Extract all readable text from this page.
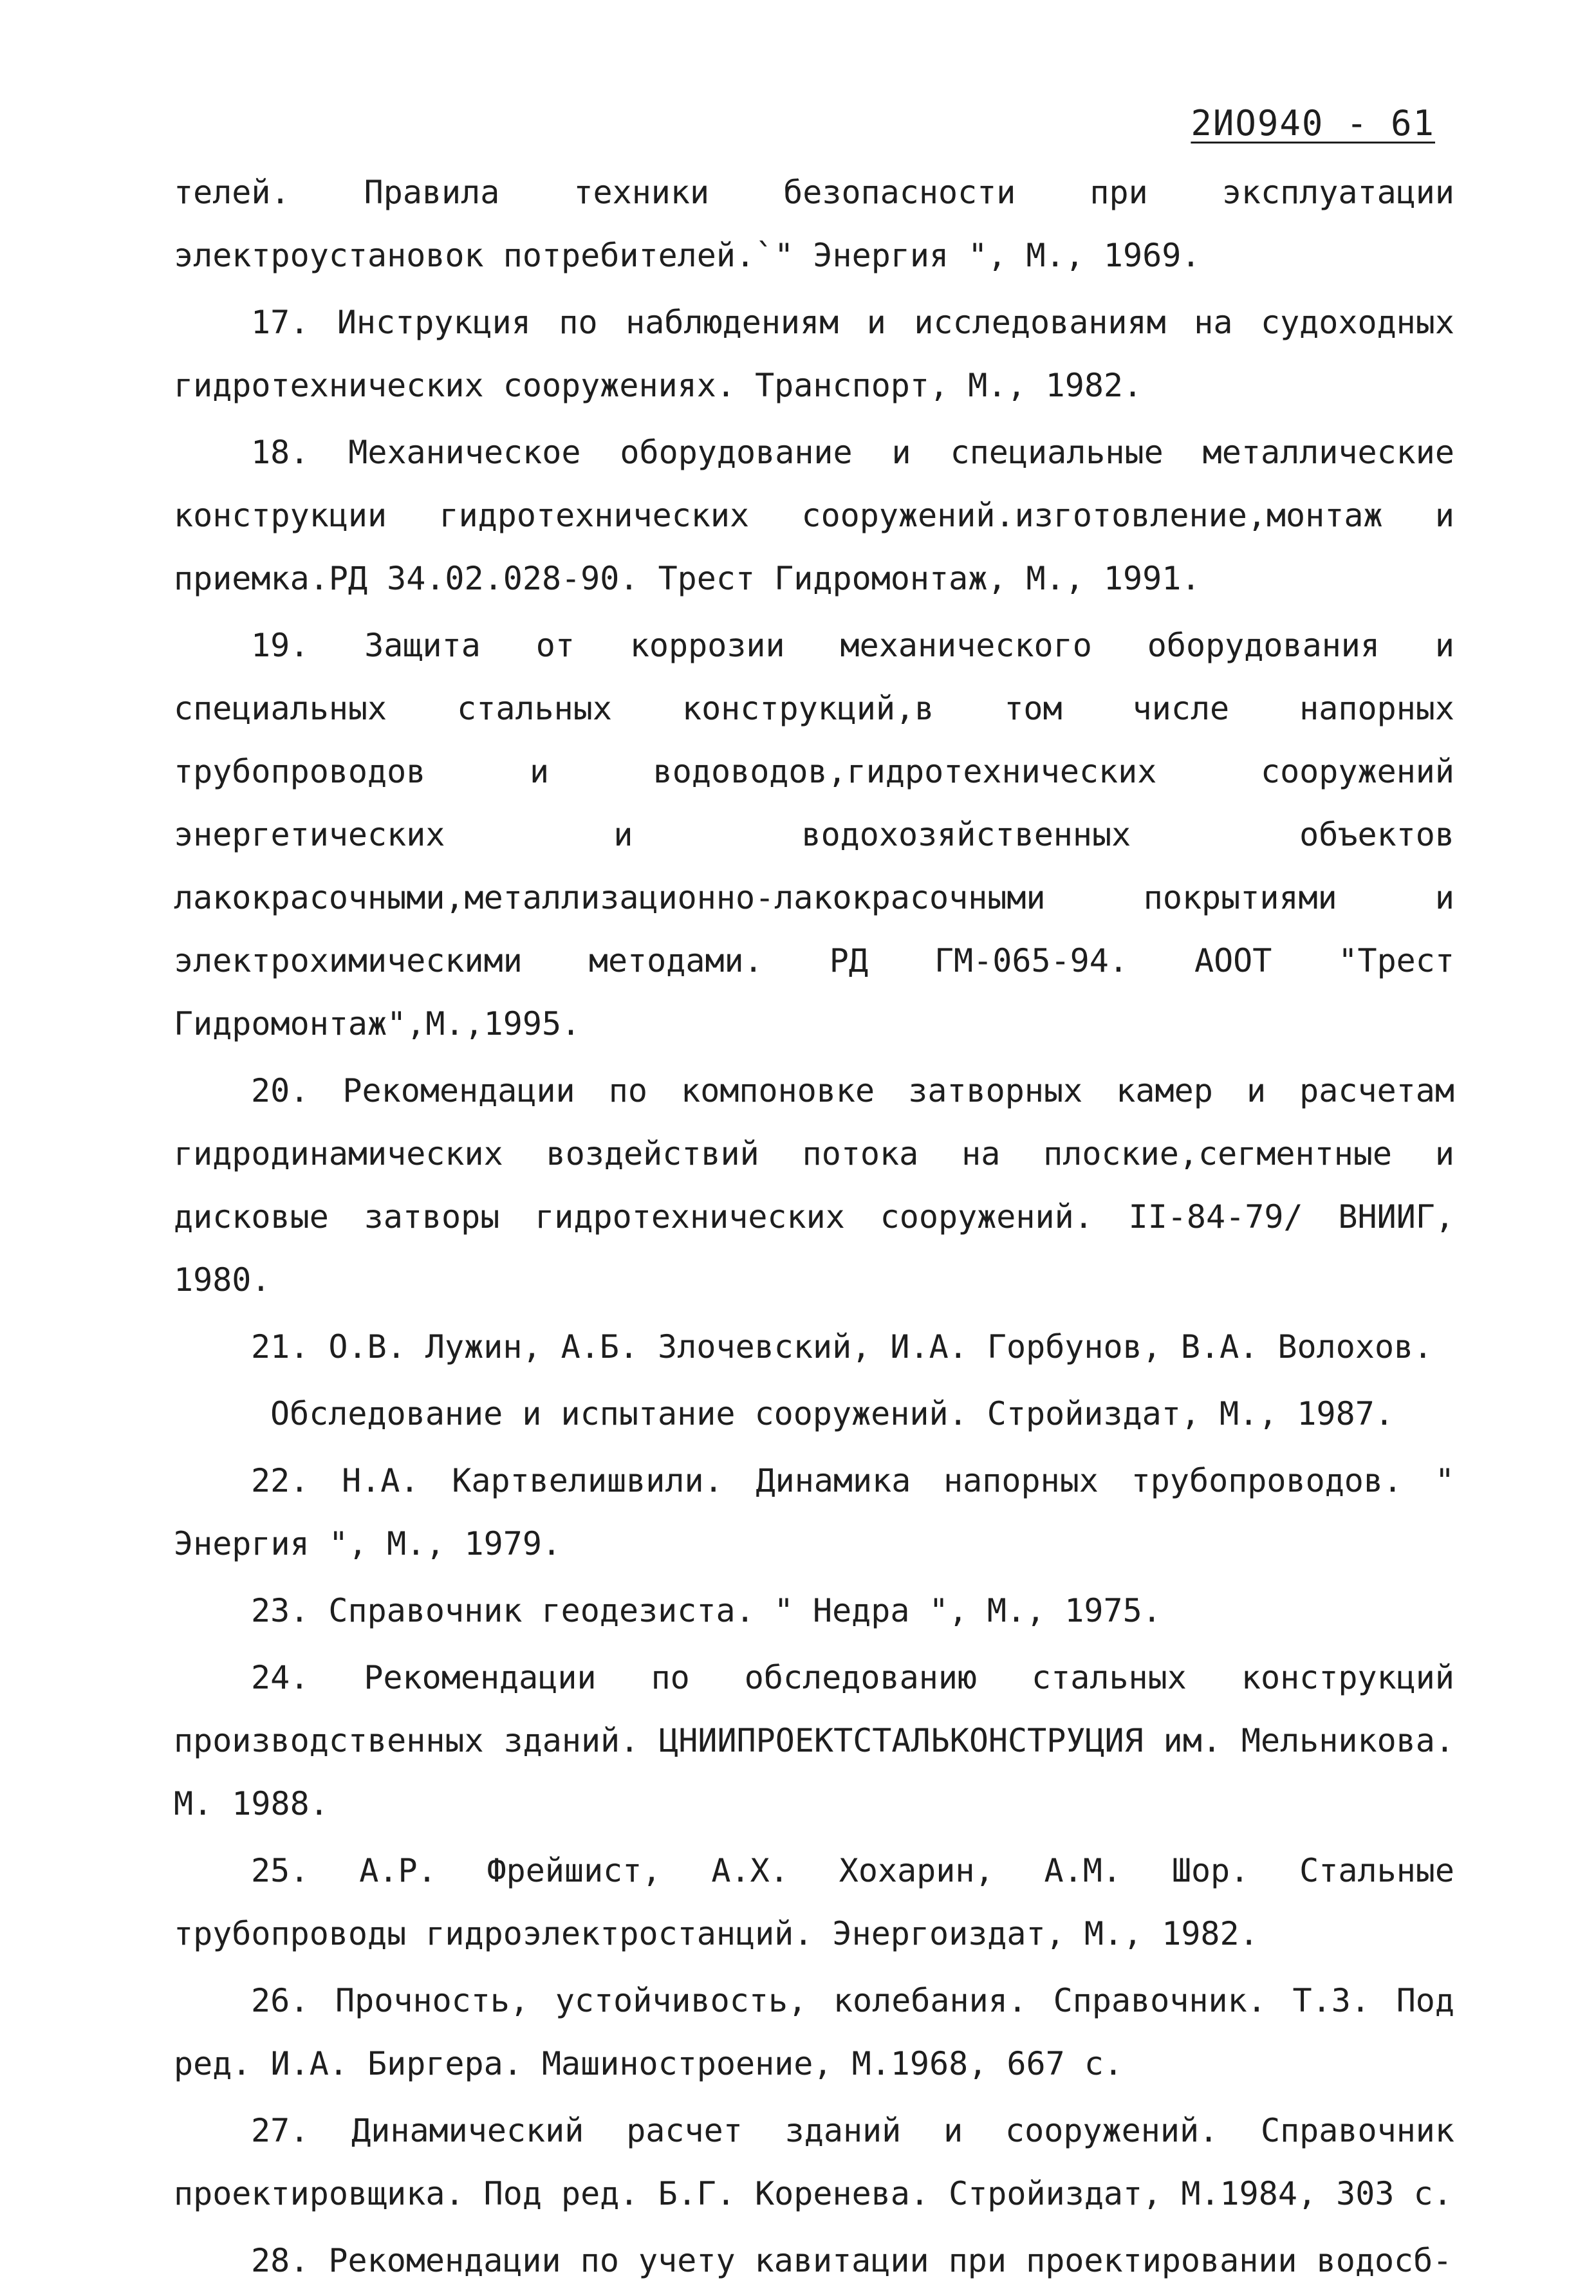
2ИО940 - 61

телей. Правила техники безопасности при эксплуатации электроустановок потребителей.`" Энергия ", М., 1969.

17. Инструкция по наблюдениям и исследованиям на судоходных гидротехнических сооружениях. Транспорт, М., 1982.

18. Механическое оборудование и специальные металлические конструкции гидротехнических сооружений.изготовление,монтаж и приемка.РД 34.02.028-90. Трест Гидромонтаж, М., 1991.

19. Защита от коррозии механического оборудования и специальных стальных конструкций,в том числе напорных трубопроводов и водоводов,гидротехнических сооружений энергетических и водохозяйственных объектов лакокрасочными,металлизационно-лакокрасочными покрытиями и электрохимическими методами. РД ГМ-065-94. АООТ "Трест Гидромонтаж",М.,1995.

20. Рекомендации по компоновке затворных камер и расчетам гидродинамических воздействий потока на плоские,сегментные и дисковые затворы гидротехнических сооружений. II-84-79/ ВНИИГ, 1980.

21. О.В. Лужин, А.Б. Злочевский, И.А. Горбунов, В.А. Волохов.

Обследование и испытание сооружений. Стройиздат, М., 1987.

22. Н.А. Картвелишвили. Динамика напорных трубопроводов. " Энергия ", М., 1979.

23. Справочник геодезиста. " Недра ", М., 1975.

24. Рекомендации по обследованию стальных конструкций производственных зданий. ЦНИИПРОЕКТСТАЛЬКОНСТРУЦИЯ им. Мельникова. М. 1988.

25. А.Р. Фрейшист, А.Х. Хохарин, А.М. Шор. Стальные трубопроводы гидроэлектростанций. Энергоиздат, М., 1982.

26. Прочность, устойчивость, колебания. Справочник. Т.3. Под ред. И.А. Биргера. Машиностроение, М.1968, 667 с.

27. Динамический расчет зданий и сооружений. Справочник проектировщика. Под ред. Б.Г. Коренева. Стройиздат, М.1984, 303 с.

28. Рекомендации по учету кавитации при проектировании водосб-
